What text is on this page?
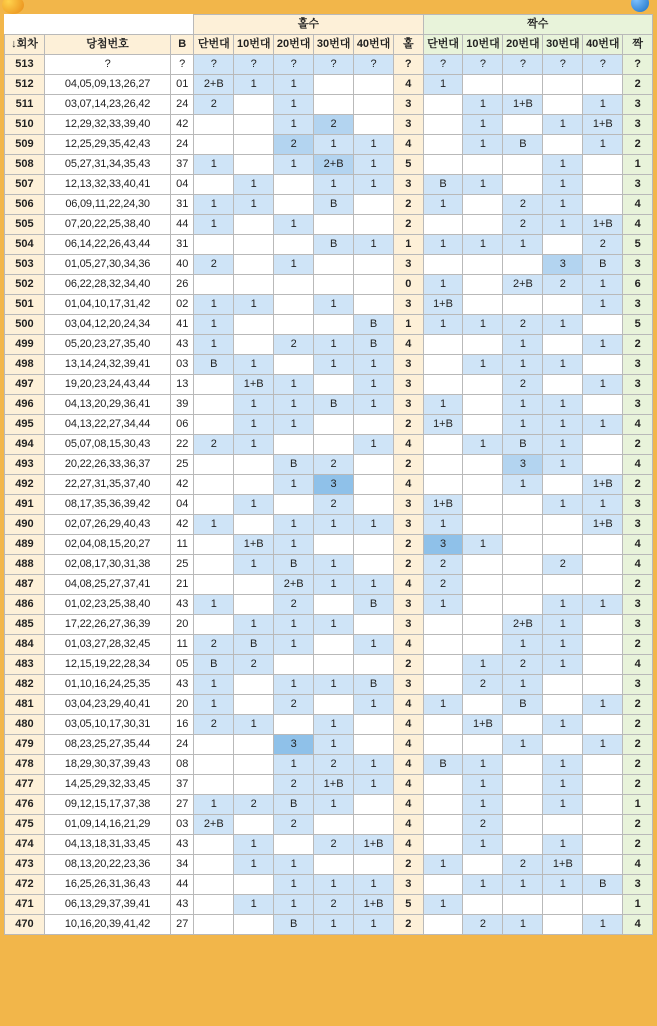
			홀수						짝수					
↓회차	당첨번호	B	단번대	10번대	20번대	30번대	40번대	홀	단번대	10번대	20번대	30번대	40번대	짝
513	?	?	?	?	?	?	?	?	?	?	?	?	?	?
512	04,05,09,13,26,27	01	2+B	1	1			4	1					2
511	03,07,14,23,26,42	24	2		1			3		1	1+B		1	3
510	12,29,32,33,39,40	42			1	2		3		1		1	1+B	3
509	12,25,29,35,42,43	24			2	1	1	4		1	B		1	2
508	05,27,31,34,35,43	37	1		1	2+B	1	5				1		1
507	12,13,32,33,40,41	04		1		1	1	3	B	1		1		3
506	06,09,11,22,24,30	31	1	1		B		2	1		2	1		4
505	07,20,22,25,38,40	44	1		1			2			2	1	1+B	4
504	06,14,22,26,43,44	31				B	1	1	1	1	1		2	5
503	01,05,27,30,34,36	40	2		1			3				3	B	3
502	06,22,28,32,34,40	26						0	1		2+B	2	1	6
501	01,04,10,17,31,42	02	1	1		1		3	1+B				1	3
500	03,04,12,20,24,34	41	1				B	1	1	1	2	1		5
499	05,20,23,27,35,40	43	1		2	1	B	4			1		1	2
498	13,14,24,32,39,41	03	B	1		1	1	3		1	1	1		3
497	19,20,23,24,43,44	13		1+B	1		1	3			2		1	3
496	04,13,20,29,36,41	39		1	1	B	1	3	1		1	1		3
495	04,13,22,27,34,44	06		1	1			2	1+B		1	1	1	4
494	05,07,08,15,30,43	22	2	1			1	4		1	B	1		2
493	20,22,26,33,36,37	25			B	2		2			3	1		4
492	22,27,31,35,37,40	42			1	3		4			1		1+B	2
491	08,17,35,36,39,42	04		1		2		3	1+B			1	1	3
490	02,07,26,29,40,43	42	1		1	1	1	3	1				1+B	3
489	02,04,08,15,20,27	11		1+B	1			2	3	1				4
488	02,08,17,30,31,38	25		1	B	1		2	2			2		4
487	04,08,25,27,37,41	21			2+B	1	1	4	2					2
486	01,02,23,25,38,40	43	1		2		B	3	1			1	1	3
485	17,22,26,27,36,39	20		1	1	1		3			2+B	1		3
484	01,03,27,28,32,45	11	2	B	1		1	4			1	1		2
483	12,15,19,22,28,34	05	B	2				2		1	2	1		4
482	01,10,16,24,25,35	43	1		1	1	B	3		2	1			3
481	03,04,23,29,40,41	20	1		2		1	4	1		B		1	2
480	03,05,10,17,30,31	16	2	1		1		4		1+B		1		2
479	08,23,25,27,35,44	24			3	1		4			1		1	2
478	18,29,30,37,39,43	08			1	2	1	4	B	1		1		2
477	14,25,29,32,33,45	37			2	1+B	1	4		1		1		2
476	09,12,15,17,37,38	27	1	2	B	1		4		1		1		1
475	01,09,14,16,21,29	03	2+B		2			4		2				2
474	04,13,18,31,33,45	43		1		2	1+B	4		1		1		2
473	08,13,20,22,23,36	34		1	1			2	1		2	1+B		4
472	16,25,26,31,36,43	44			1	1	1	3		1	1	1	B	3
471	06,13,29,37,39,41	43		1	1	2	1+B	5	1					1
470	10,16,20,39,41,42	27			B	1	1	2		2	1		1	4
